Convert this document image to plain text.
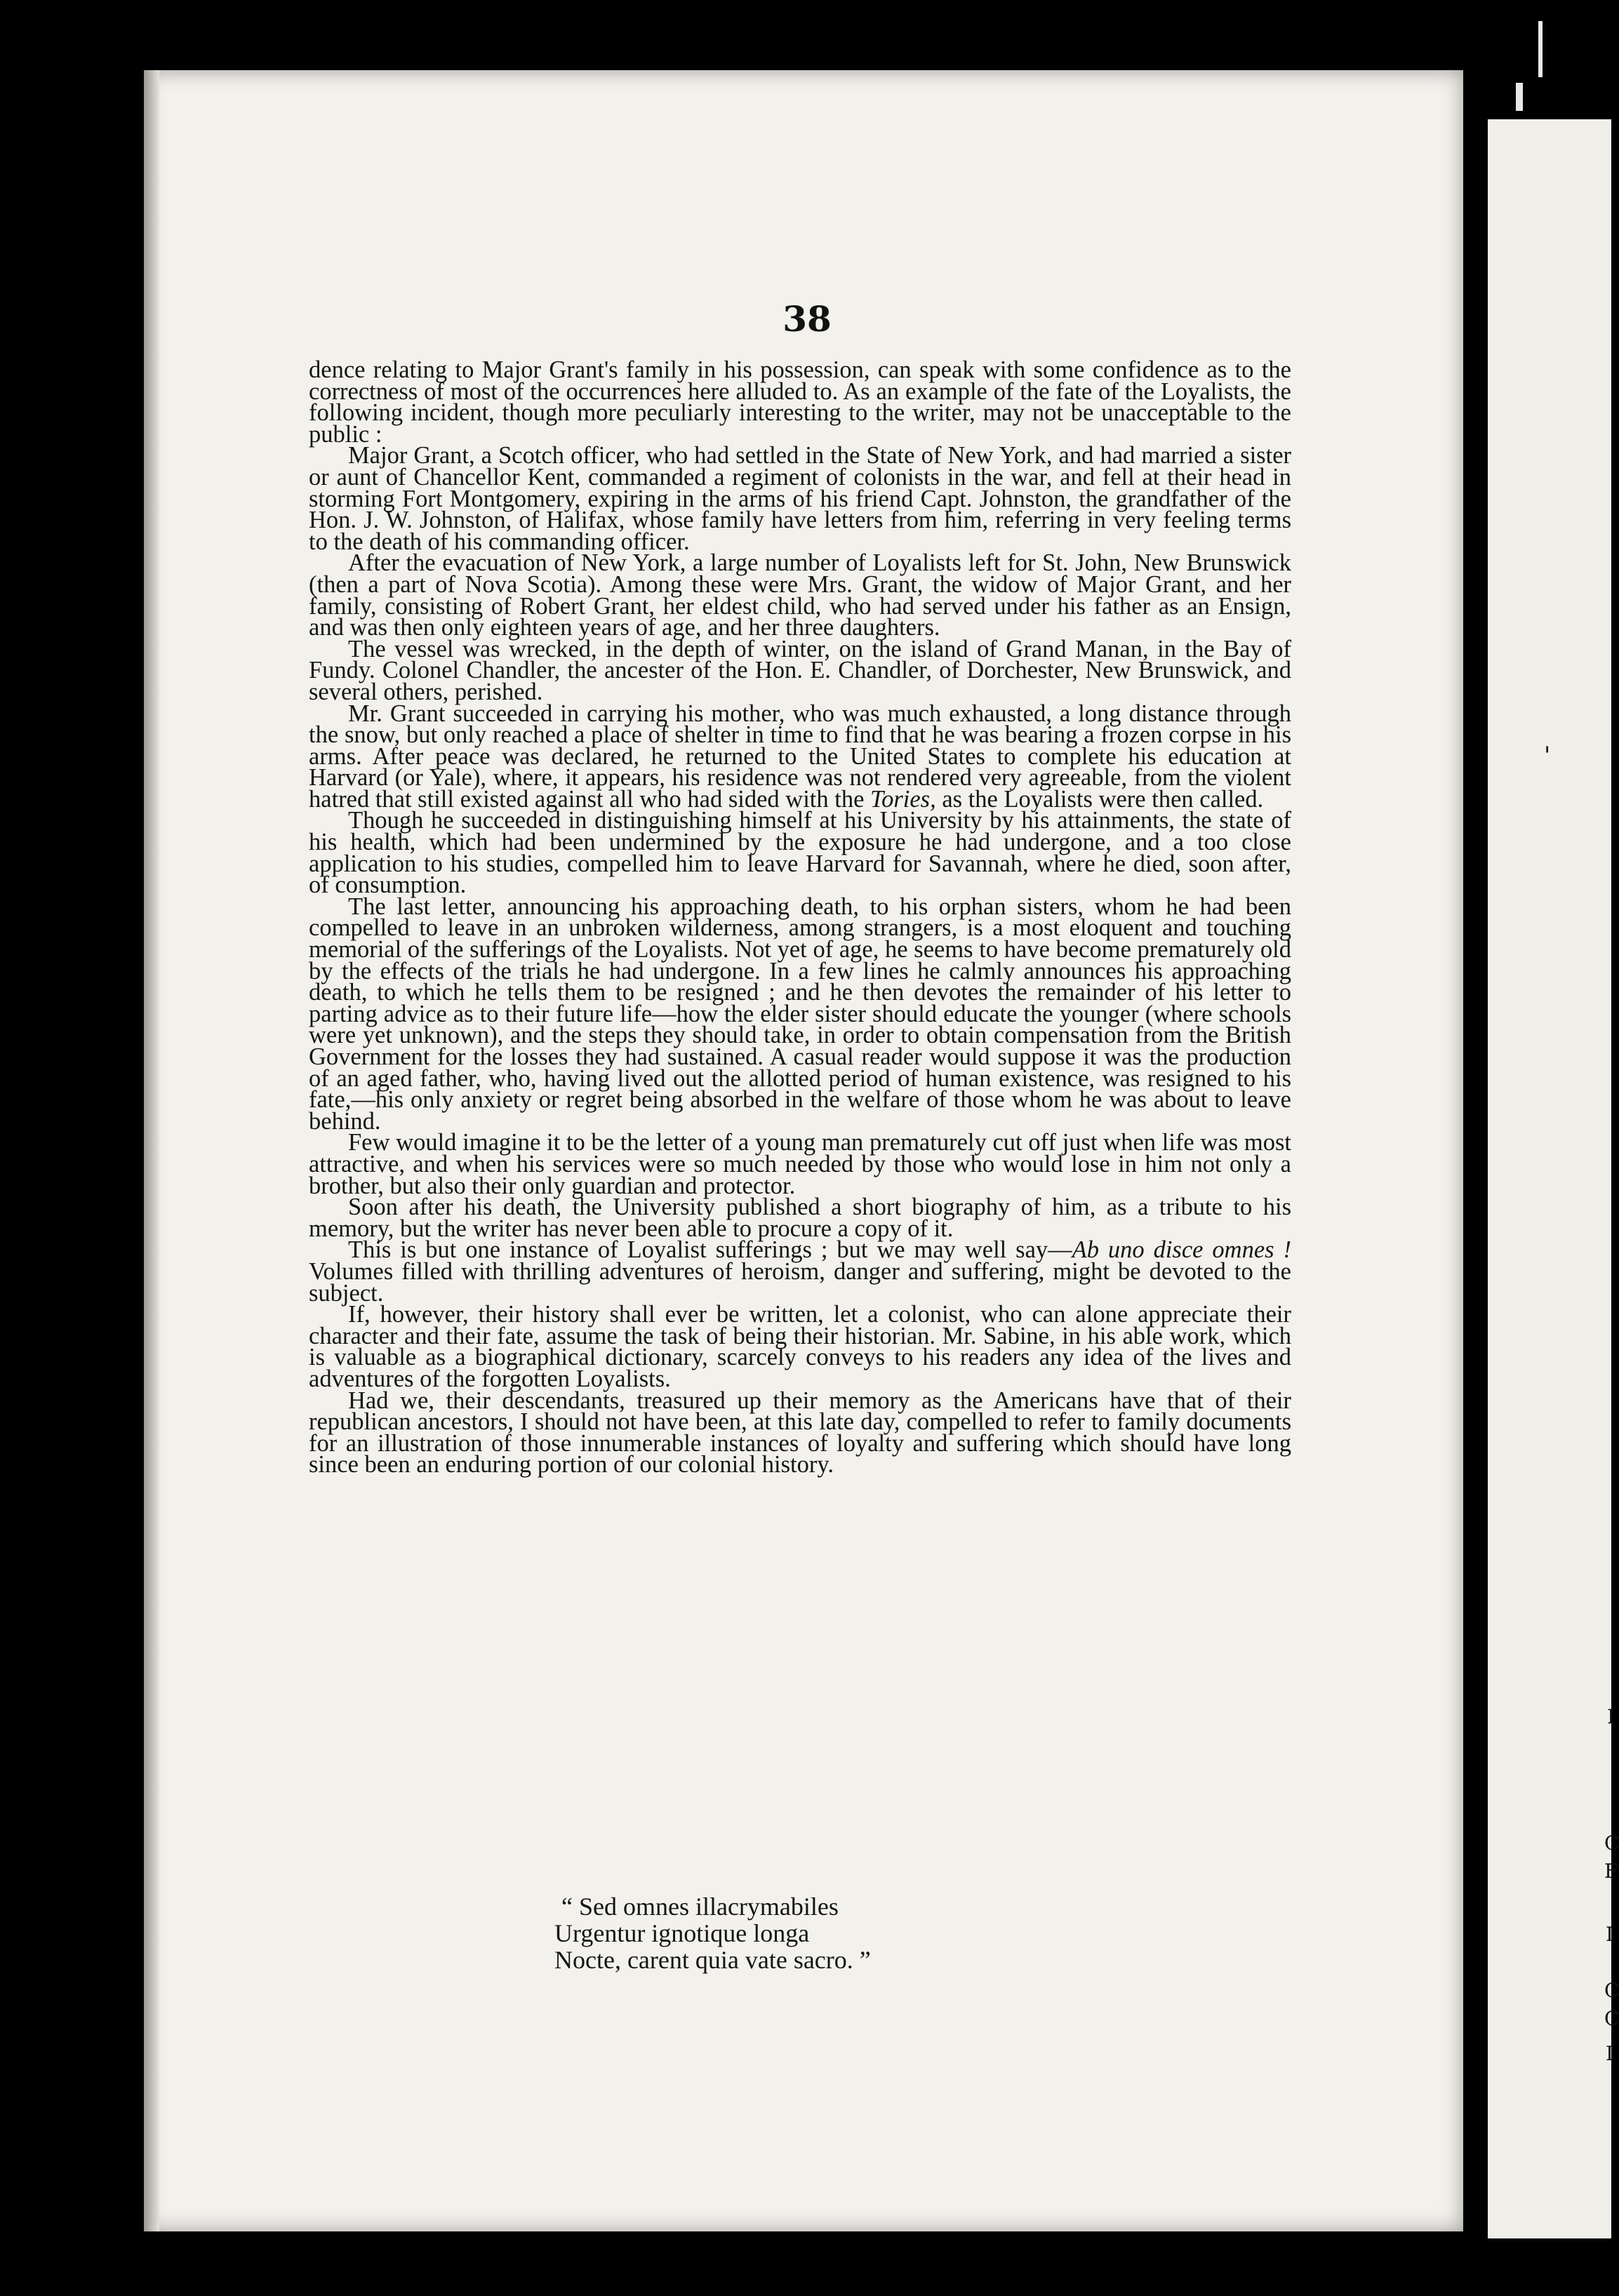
'
I
C
F
I
C
C
I
38

dence relating to Major Grant's family in his possession, can speak with some confidence as to the correctness of most of the occurrences here alluded to. As an example of the fate of the Loyalists, the following incident, though more peculiarly interesting to the writer, may not be unacceptable to the public :

Major Grant, a Scotch officer, who had settled in the State of New York, and had married a sister or aunt of Chancellor Kent, commanded a regiment of colonists in the war, and fell at their head in storming Fort Montgomery, expiring in the arms of his friend Capt. Johnston, the grandfather of the Hon. J. W. Johnston, of Halifax, whose family have letters from him, referring in very feeling terms to the death of his commanding officer.

After the evacuation of New York, a large number of Loyalists left for St. John, New Brunswick (then a part of Nova Scotia). Among these were Mrs. Grant, the widow of Major Grant, and her family, consisting of Robert Grant, her eldest child, who had served under his father as an Ensign, and was then only eighteen years of age, and her three daughters.

The vessel was wrecked, in the depth of winter, on the island of Grand Manan, in the Bay of Fundy. Colonel Chandler, the ancester of the Hon. E. Chandler, of Dorchester, New Brunswick, and several others, perished.

Mr. Grant succeeded in carrying his mother, who was much exhausted, a long distance through the snow, but only reached a place of shelter in time to find that he was bearing a frozen corpse in his arms. After peace was declared, he returned to the United States to complete his education at Harvard (or Yale), where, it appears, his residence was not rendered very agreeable, from the violent hatred that still existed against all who had sided with the Tories, as the Loyalists were then called.

Though he succeeded in distinguishing himself at his University by his attainments, the state of his health, which had been undermined by the exposure he had undergone, and a too close application to his studies, compelled him to leave Harvard for Savannah, where he died, soon after, of consumption.

The last letter, announcing his approaching death, to his orphan sisters, whom he had been compelled to leave in an unbroken wilderness, among strangers, is a most eloquent and touching memorial of the sufferings of the Loyalists. Not yet of age, he seems to have become prematurely old by the effects of the trials he had undergone. In a few lines he calmly announces his approaching death, to which he tells them to be resigned ; and he then devotes the remainder of his letter to parting advice as to their future life—how the elder sister should educate the younger (where schools were yet unknown), and the steps they should take, in order to obtain compensation from the British Government for the losses they had sustained. A casual reader would suppose it was the production of an aged father, who, having lived out the allotted period of human existence, was resigned to his fate,—his only anxiety or regret being absorbed in the welfare of those whom he was about to leave behind.

Few would imagine it to be the letter of a young man prematurely cut off just when life was most attractive, and when his services were so much needed by those who would lose in him not only a brother, but also their only guardian and protector.

Soon after his death, the University published a short biography of him, as a tribute to his memory, but the writer has never been able to procure a copy of it.

This is but one instance of Loyalist sufferings ; but we may well say—Ab uno disce omnes ! Volumes filled with thrilling adventures of heroism, danger and suffering, might be devoted to the subject.

If, however, their history shall ever be written, let a colonist, who can alone appreciate their character and their fate, assume the task of being their historian. Mr. Sabine, in his able work, which is valuable as a biographical dictionary, scarcely conveys to his readers any idea of the lives and adventures of the forgotten Loyalists.

Had we, their descendants, treasured up their memory as the Americans have that of their republican ancestors, I should not have been, at this late day, compelled to refer to family documents for an illustration of those innumerable instances of loyalty and suffering which should have long since been an enduring portion of our colonial history.

“ Sed omnes illacrymabiles
Urgentur ignotique longa
Nocte, carent quia vate sacro. ”
